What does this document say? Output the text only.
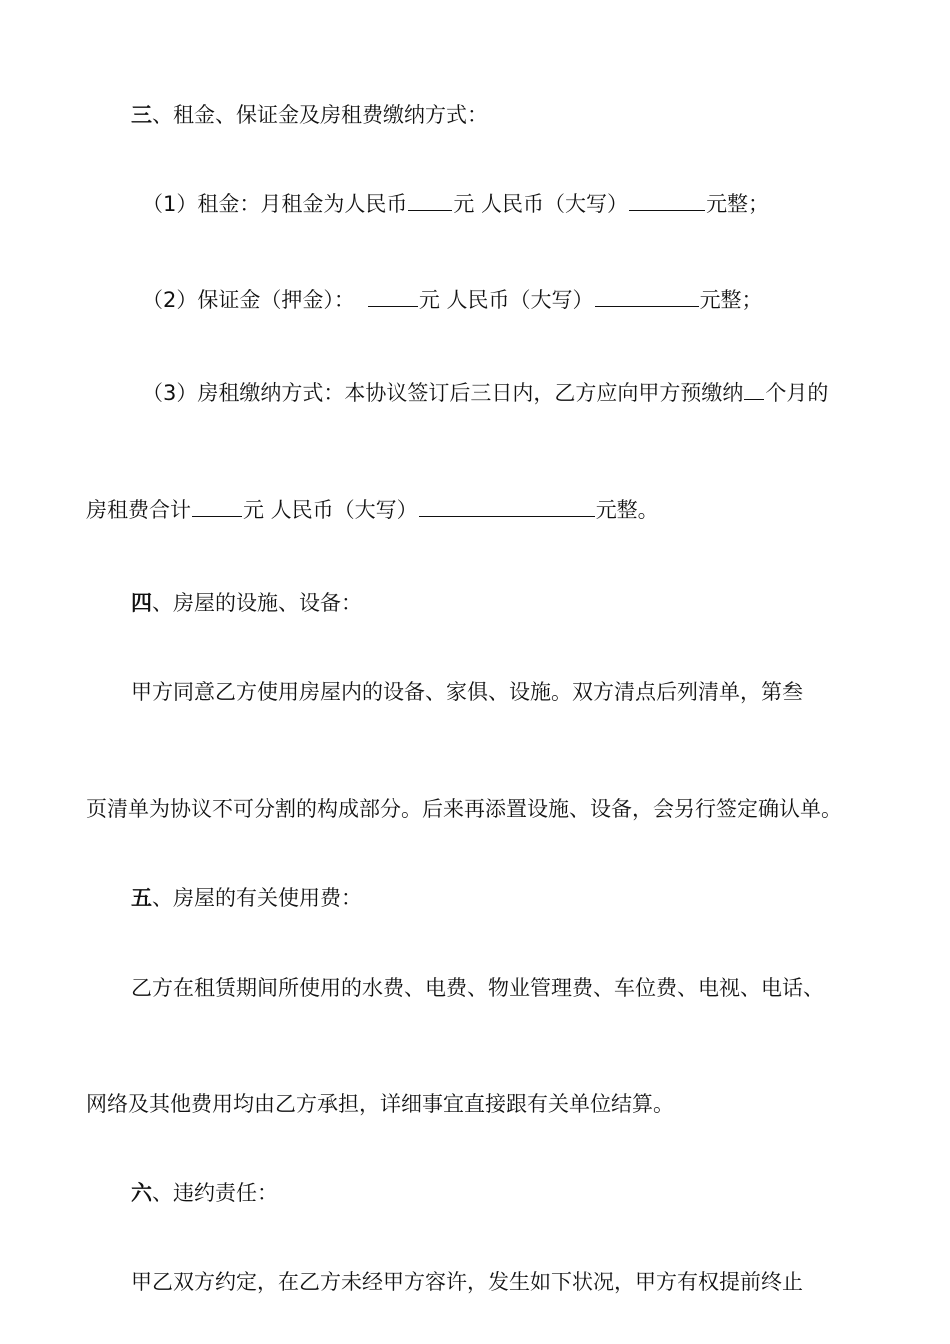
三、租金、保证金及房租费缴纳方式：
（1）租金：月租金为人民币 元 人民币（大写）	元整；
（2）保证金（押金）：	元 人民币（大写）	元整；
（3）房租缴纳方式：本协议签订后三日内，乙方应向甲方预缴纳 个月的
房租费合计 元 人民币（大写）	元整。
四、房屋的设施、设备：
甲方同意乙方使用房屋内的设备、家俱、设施。双方清点后列清单，第叁
页清单为协议不可分割的构成部分。后来再添置设施、设备，会另行签定确认单。
五、房屋的有关使用费：
乙方在租赁期间所使用的水费、电费、物业管理费、车位费、电视、电话、
网络及其他费用均由乙方承担，详细事宜直接跟有关单位结算。
六、违约责任：
甲乙双方约定，在乙方未经甲方容许，发生如下状况，甲方有权提前终止
